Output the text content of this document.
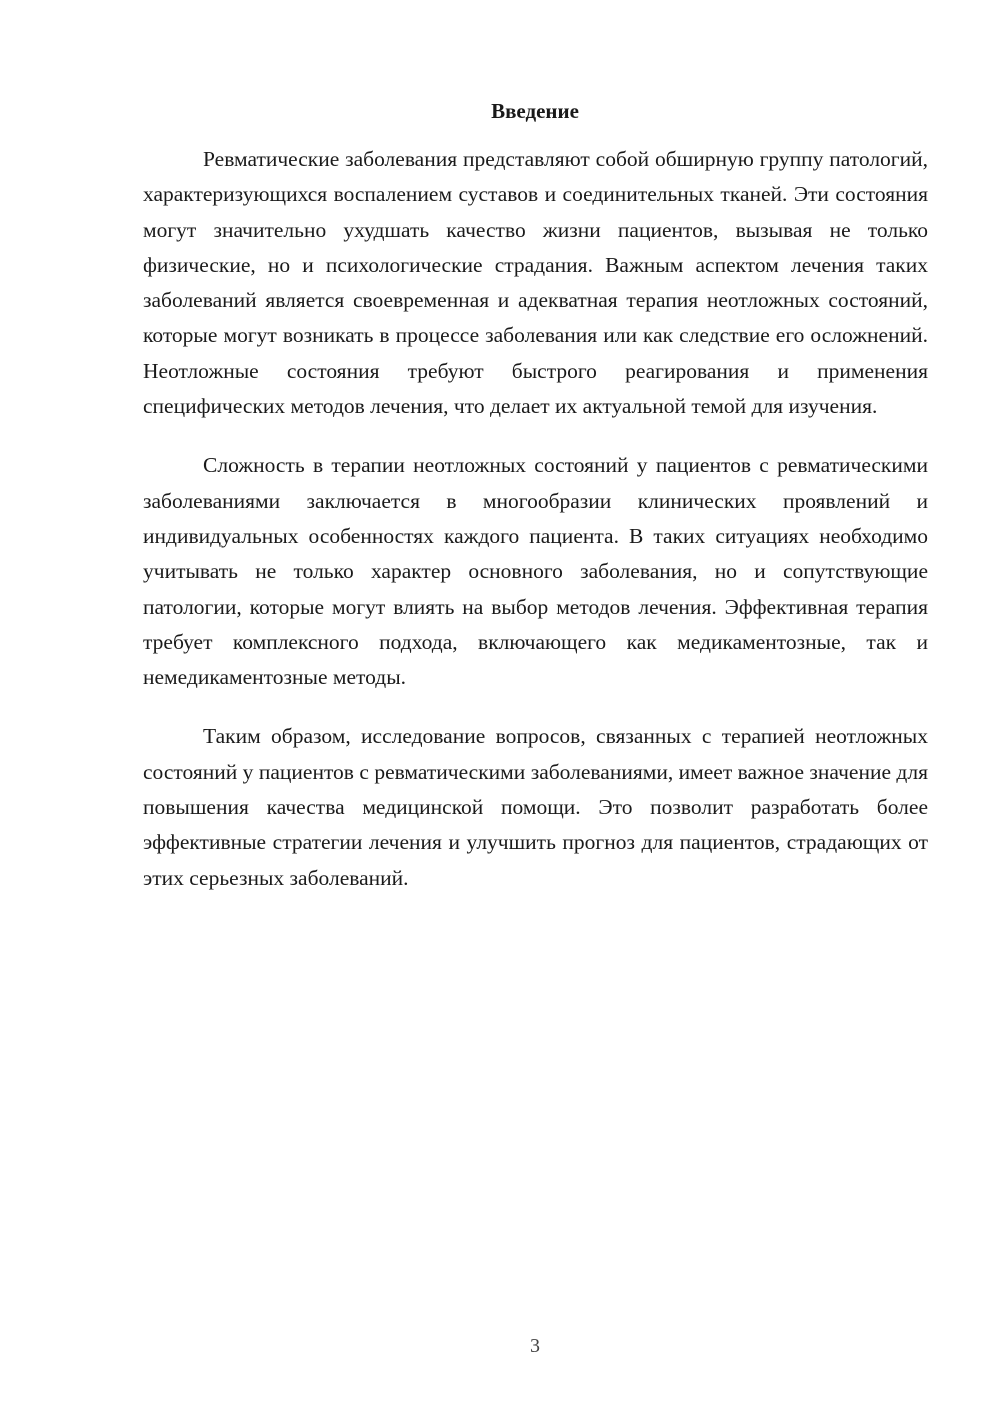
Введение

Ревматические заболевания представляют собой обширную группу патологий, характеризующихся воспалением суставов и соединительных тканей. Эти состояния могут значительно ухудшать качество жизни пациентов, вызывая не только физические, но и психологические страдания. Важным аспектом лечения таких заболеваний является своевременная и адекватная терапия неотложных состояний, которые могут возникать в процессе заболевания или как следствие его осложнений. Неотложные состояния требуют быстрого реагирования и применения специфических методов лечения, что делает их актуальной темой для изучения.

Сложность в терапии неотложных состояний у пациентов с ревматическими заболеваниями заключается в многообразии клинических проявлений и индивидуальных особенностях каждого пациента. В таких ситуациях необходимо учитывать не только характер основного заболевания, но и сопутствующие патологии, которые могут влиять на выбор методов лечения. Эффективная терапия требует комплексного подхода, включающего как медикаментозные, так и немедикаментозные методы.

Таким образом, исследование вопросов, связанных с терапией неотложных состояний у пациентов с ревматическими заболеваниями, имеет важное значение для повышения качества медицинской помощи. Это позволит разработать более эффективные стратегии лечения и улучшить прогноз для пациентов, страдающих от этих серьезных заболеваний.

3
